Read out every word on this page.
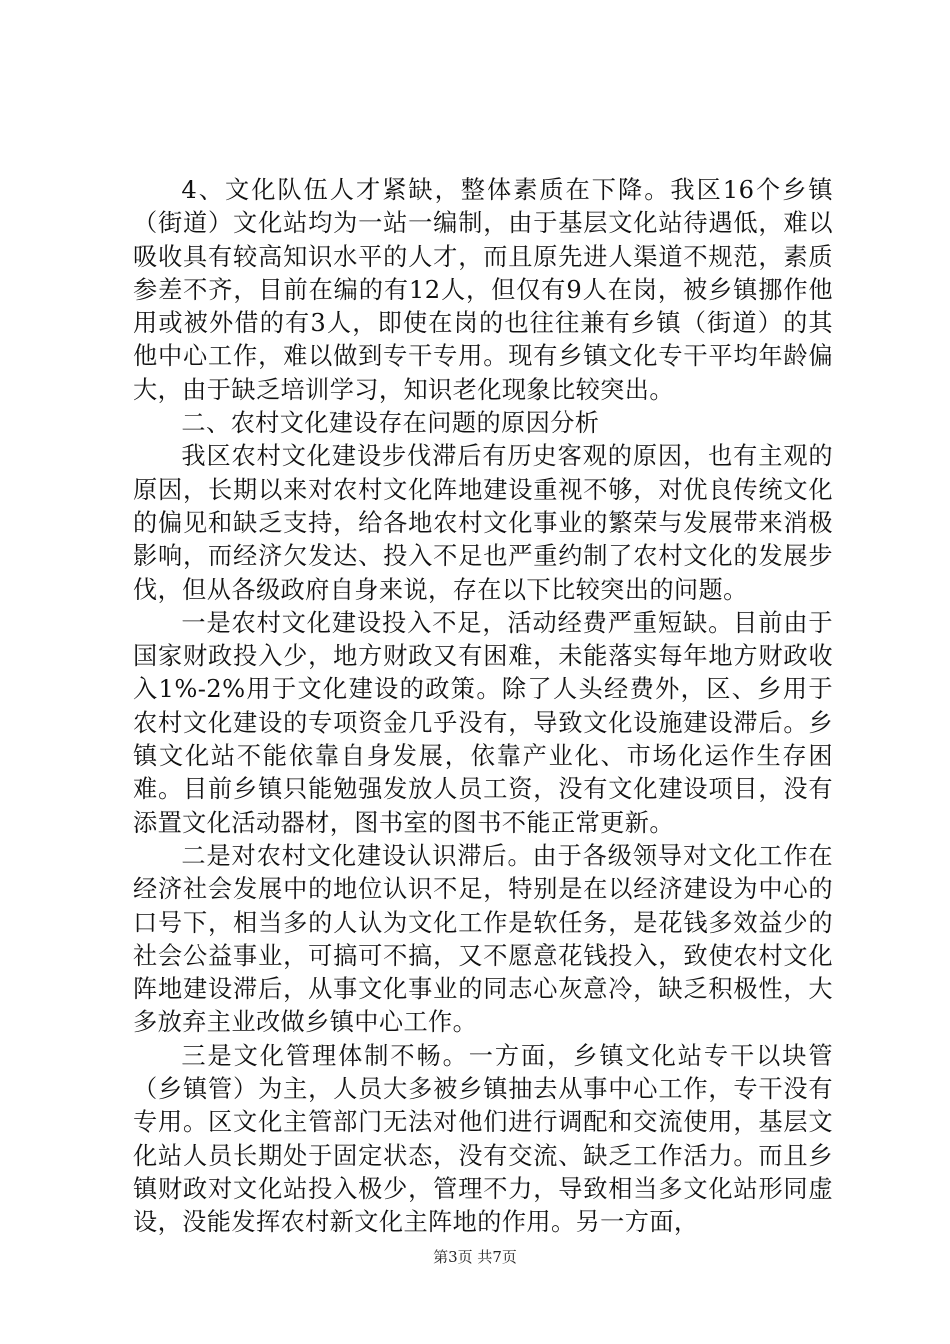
4、文化队伍人才紧缺，整体素质在下降。我区16个乡镇（街道）文化站均为一站一编制，由于基层文化站待遇低，难以吸收具有较高知识水平的人才，而且原先进人渠道不规范，素质参差不齐，目前在编的有12人，但仅有9人在岗，被乡镇挪作他用或被外借的有3人，即使在岗的也往往兼有乡镇（街道）的其他中心工作，难以做到专干专用。现有乡镇文化专干平均年龄偏大，由于缺乏培训学习，知识老化现象比较突出。

二、农村文化建设存在问题的原因分析

我区农村文化建设步伐滞后有历史客观的原因，也有主观的原因，长期以来对农村文化阵地建设重视不够，对优良传统文化的偏见和缺乏支持，给各地农村文化事业的繁荣与发展带来消极影响，而经济欠发达、投入不足也严重约制了农村文化的发展步伐，但从各级政府自身来说，存在以下比较突出的问题。

一是农村文化建设投入不足，活动经费严重短缺。目前由于国家财政投入少，地方财政又有困难，未能落实每年地方财政收入1%-2%用于文化建设的政策。除了人头经费外，区、乡用于农村文化建设的专项资金几乎没有，导致文化设施建设滞后。乡镇文化站不能依靠自身发展，依靠产业化、市场化运作生存困难。目前乡镇只能勉强发放人员工资，没有文化建设项目，没有添置文化活动器材，图书室的图书不能正常更新。

二是对农村文化建设认识滞后。由于各级领导对文化工作在经济社会发展中的地位认识不足，特别是在以经济建设为中心的口号下，相当多的人认为文化工作是软任务，是花钱多效益少的社会公益事业，可搞可不搞，又不愿意花钱投入，致使农村文化阵地建设滞后，从事文化事业的同志心灰意冷，缺乏积极性，大多放弃主业改做乡镇中心工作。

三是文化管理体制不畅。一方面，乡镇文化站专干以块管（乡镇管）为主，人员大多被乡镇抽去从事中心工作，专干没有专用。区文化主管部门无法对他们进行调配和交流使用，基层文化站人员长期处于固定状态，没有交流、缺乏工作活力。而且乡镇财政对文化站投入极少，管理不力，导致相当多文化站形同虚设，没能发挥农村新文化主阵地的作用。另一方面，

第3页 共7页
